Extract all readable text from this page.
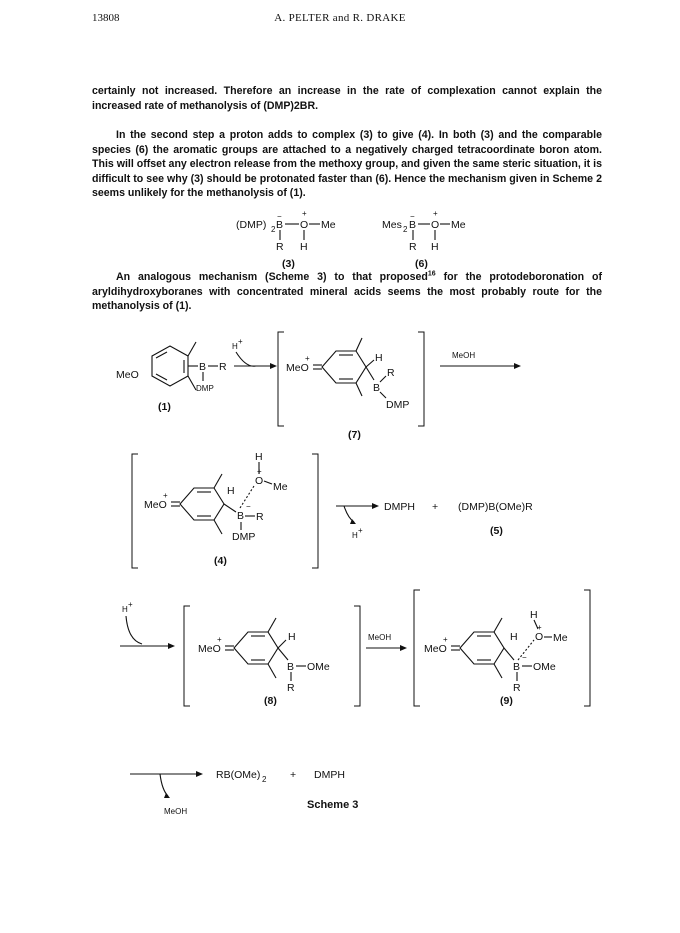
13808	A. PELTER and R. DRAKE
certainly not increased. Therefore an increase in the rate of complexation cannot explain the increased rate of methanolysis of (DMP)2BR.
In the second step a proton adds to complex (3) to give (4). In both (3) and the comparable species (6) the aromatic groups are attached to a negatively charged tetracoordinate boron atom. This will offset any electron release from the methoxy group, and given the same steric situation, it is difficult to see why (3) should be protonated faster than (6). Hence the mechanism given in Scheme 2 seems unlikely for the methanolysis of (1).
An analogous mechanism (Scheme 3) to that proposed$^{16}$ for the protodeboronation of aryldihydroxyboranes with concentrated mineral acids seems the most probably route for the methanolysis of (1).
(DMP) 2 B
−
O
+
Me
R H
(3)
Mes 2 B
−
O
+
Me
R H
(6)
MeO
B R
DMP
(1)
H
+
MeO
+	H
B
R
DMP
(7)
MeOH
MeO
+	H
B
−
O
+
Me
H
R
DMP
(4)
H
+
DMPH + (DMP)B(OMe)R
(5)
H
+
MeO
+	H
B OMe
R
(8)
MeOH
MeO
+	H
B
−
O
+
Me
H
OMe
R
(9)
MeOH
RB(OMe) 2 + DMPH
Scheme 3
